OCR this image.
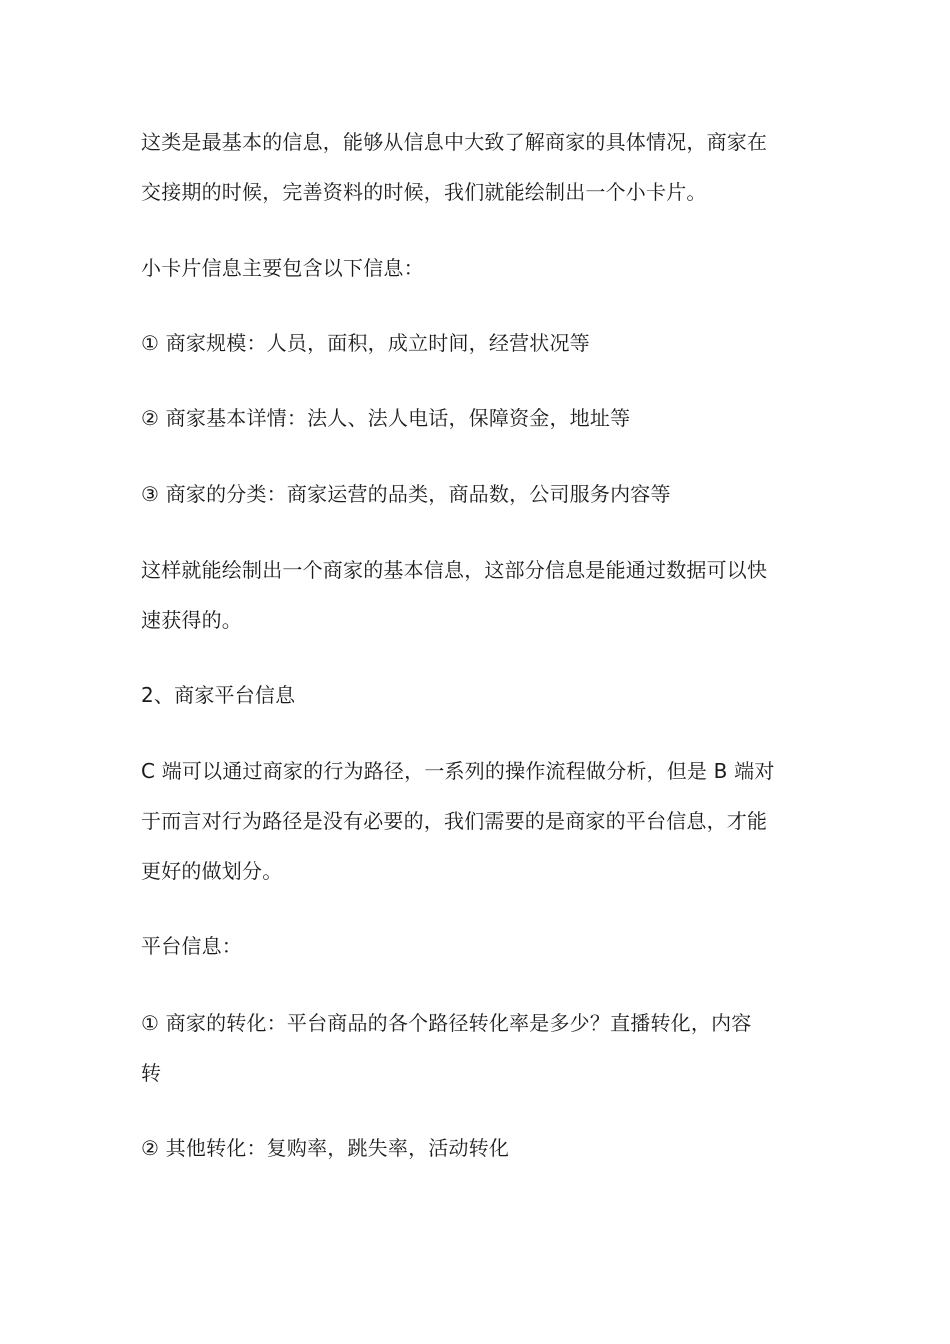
这类是最基本的信息，能够从信息中大致了解商家的具体情况，商家在
交接期的时候，完善资料的时候，我们就能绘制出一个小卡片。
小卡片信息主要包含以下信息：
① 商家规模：人员，面积，成立时间，经营状况等
② 商家基本详情：法人、法人电话，保障资金，地址等
③ 商家的分类：商家运营的品类，商品数，公司服务内容等
这样就能绘制出一个商家的基本信息，这部分信息是能通过数据可以快
速获得的。
2、商家平台信息
C 端可以通过商家的行为路径，一系列的操作流程做分析，但是 B 端对
于而言对行为路径是没有必要的，我们需要的是商家的平台信息，才能
更好的做划分。
平台信息：
① 商家的转化：平台商品的各个路径转化率是多少？直播转化，内容
转
② 其他转化：复购率，跳失率，活动转化
